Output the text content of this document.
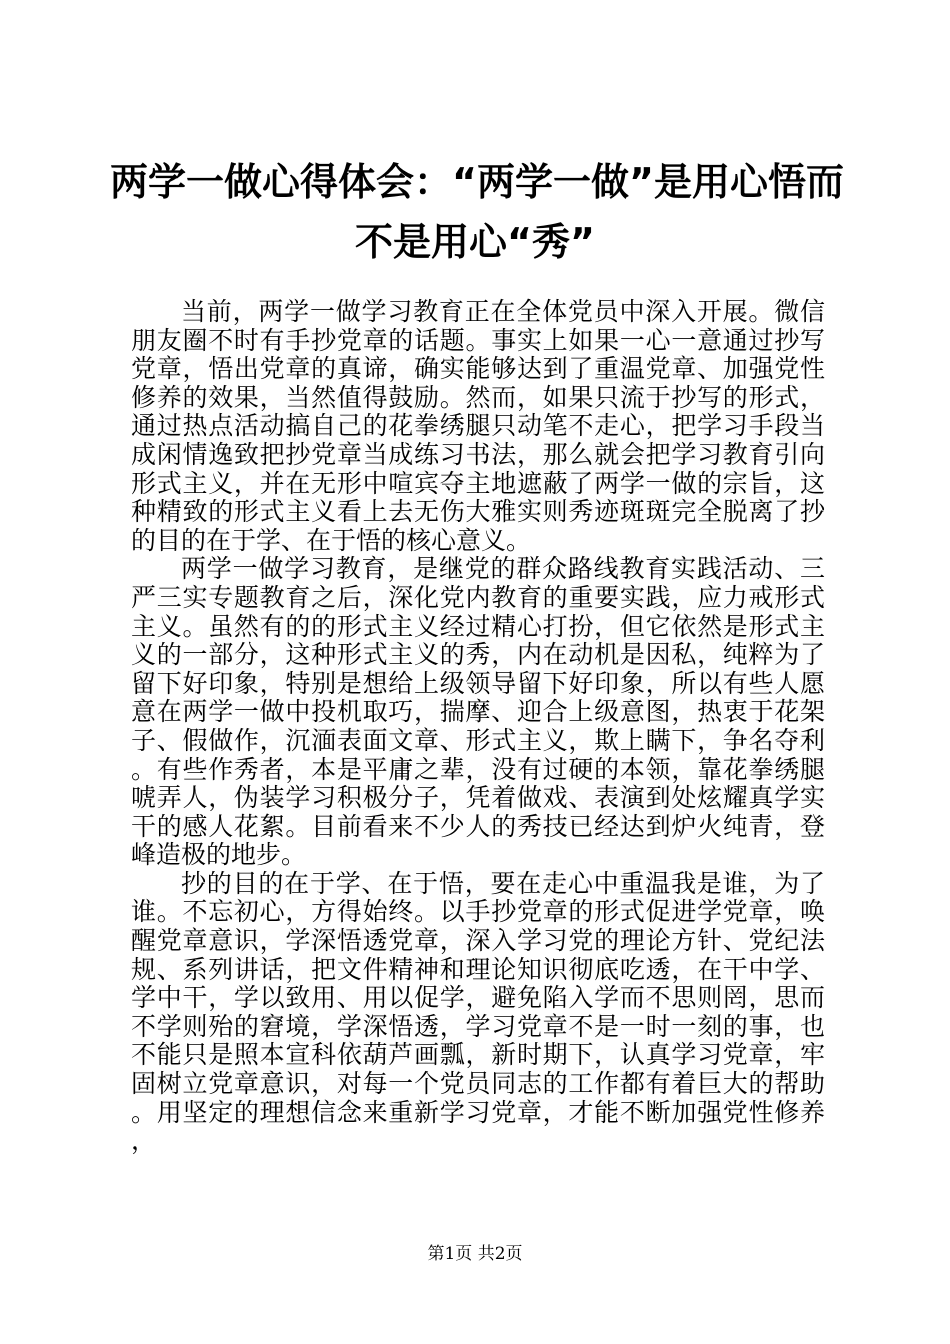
两学一做心得体会：“两学一做”是用心悟而
不是用心“秀”

当前，两学一做学习教育正在全体党员中深入开展。微信朋友圈不时有手抄党章的话题。事实上如果一心一意通过抄写党章，悟出党章的真谛，确实能够达到了重温党章、加强党性修养的效果，当然值得鼓励。然而，如果只流于抄写的形式，通过热点活动搞自己的花拳绣腿只动笔不走心，把学习手段当成闲情逸致把抄党章当成练习书法，那么就会把学习教育引向形式主义，并在无形中喧宾夺主地遮蔽了两学一做的宗旨，这种精致的形式主义看上去无伤大雅实则秀迹斑斑完全脱离了抄的目的在于学、在于悟的核心意义。

两学一做学习教育，是继党的群众路线教育实践活动、三严三实专题教育之后，深化党内教育的重要实践，应力戒形式主义。虽然有的的形式主义经过精心打扮，但它依然是形式主义的一部分，这种形式主义的秀，内在动机是因私，纯粹为了留下好印象，特别是想给上级领导留下好印象，所以有些人愿意在两学一做中投机取巧，揣摩、迎合上级意图，热衷于花架子、假做作，沉湎表面文章、形式主义，欺上瞒下，争名夺利。有些作秀者，本是平庸之辈，没有过硬的本领，靠花拳绣腿唬弄人，伪装学习积极分子，凭着做戏、表演到处炫耀真学实干的感人花絮。目前看来不少人的秀技已经达到炉火纯青，登峰造极的地步。

抄的目的在于学、在于悟，要在走心中重温我是谁，为了谁。不忘初心，方得始终。以手抄党章的形式促进学党章，唤醒党章意识，学深悟透党章，深入学习党的理论方针、党纪法规、系列讲话，把文件精神和理论知识彻底吃透，在干中学、学中干，学以致用、用以促学，避免陷入学而不思则罔，思而不学则殆的窘境，学深悟透，学习党章不是一时一刻的事，也不能只是照本宣科依葫芦画瓢，新时期下，认真学习党章，牢固树立党章意识，对每一个党员同志的工作都有着巨大的帮助。用坚定的理想信念来重新学习党章，才能不断加强党性修养，

第1页 共2页
